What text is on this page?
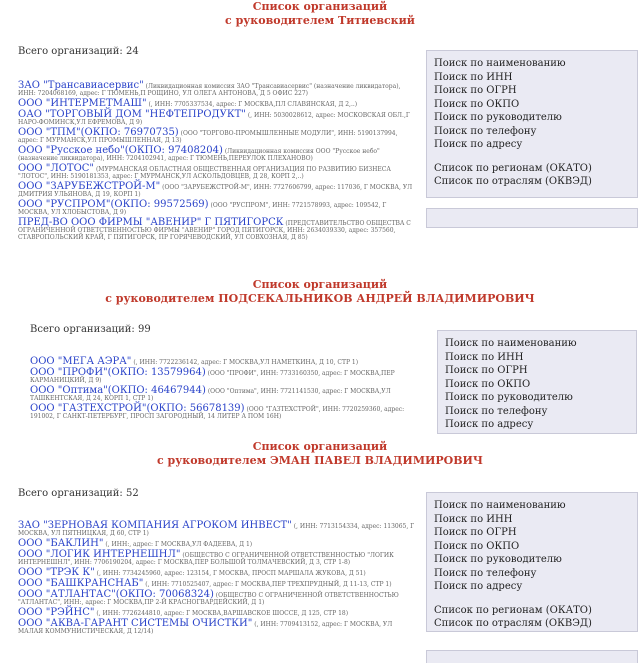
Список организаций
с руководителем Титиевский
Всего организаций: 24
ЗАО "Трансавиасервис" (Ликвидационная комиссия ЗАО "Трансавиасервис" (назначение ликвидатора), ИНН: 7204068169, адрес: Г ТЮМЕНЬ,П РОЩИНО, УЛ ОЛЕГА АНТОНОВА, Д 5 ОФИС 227)
ООО "ИНТЕРМЕТМАШ" (, ИНН: 7705337534, адрес: Г МОСКВА,ПЛ СЛАВЯНСКАЯ, Д 2,..)
ОАО "ТОРГОВЫЙ ДОМ "НЕФТЕПРОДУКТ" (, ИНН: 5030028612, адрес: МОСКОВСКАЯ ОБЛ.,Г НАРО-ФОМИНСК,УЛ ЕФРЕМОВА, Д 9)
ООО "ТПМ"(ОКПО: 76970735) (ООО "ТОРГОВО-ПРОМЫШЛЕННЫЕ МОДУЛИ", ИНН: 5190137994, адрес: Г МУРМАНСК,УЛ ПРОМЫШЛЕННАЯ, Д 13)
ООО "Русское небо"(ОКПО: 97408204) (Ликвидационная комиссия ООО "Русское небо" (назначение ликвидатора), ИНН: 7204102941, адрес: Г ТЮМЕНЬ,ПЕРЕУЛОК ПЛЕХАНОВО)
ООО "ЛОТОС" (МУРМАНСКАЯ ОБЛАСТНАЯ ОБЩЕСТВЕННАЯ ОРГАНИЗАЦИЯ ПО РАЗВИТИЮ БИЗНЕСА "ЛОТОС", ИНН: 5190181353, адрес: Г МУРМАНСК,УЛ АСКОЛЬДОВЦЕВ, Д 28, КОРП 2,..)
ООО "ЗАРУБЕЖСТРОЙ-М" (ООО "ЗАРУБЕЖСТРОЙ-М", ИНН: 7727606799, адрес: 117036, Г МОСКВА, УЛ ДМИТРИЯ УЛЬЯНОВА, Д 19, КОРП 1)
ООО "РУСПРОМ"(ОКПО: 99572569) (ООО "РУСПРОМ", ИНН: 7721578993, адрес: 109542, Г МОСКВА, УЛ ХЛОБЫСТОВА, Д 9)
ПРЕД-ВО ООО ФИРМЫ "АВЕНИР" Г ПЯТИГОРСК (ПРЕДСТАВИТЕЛЬСТВО ОБЩЕСТВА С ОГРАНИЧЕННОЙ ОТВЕТСТВЕННОСТЬЮ ФИРМЫ "АВЕНИР" ГОРОД ПЯТИГОРСК, ИНН: 2634039330, адрес: 357560, СТАВРОПОЛЬСКИЙ КРАЙ, Г ПЯТИГОРСК, ПР ГОРЯЧЕВОДСКИЙ, УЛ СОВХОЗНАЯ, Д 85)
Поиск по наименованию
Поиск по ИНН
Поиск по ОГРН
Поиск по ОКПО
Поиск по руководителю
Поиск по телефону
Поиск по адресу
Список по регионам (ОКАТО)
Список по отраслям (ОКВЭД)
Список организаций
с руководителем ПОДСЕКАЛЬНИКОВ АНДРЕЙ ВЛАДИМИРОВИЧ
Всего организаций: 99
ООО "МЕГА АЭРА" (, ИНН: 7722236142, адрес: Г МОСКВА,УЛ НАМЕТКИНА, Д 10, СТР 1)
ООО "ПРОФИ"(ОКПО: 13579964) (ООО "ПРОФИ", ИНН: 7733160350, адрес: Г МОСКВА,ПЕР КАРМАНИЦКИЙ, Д 9)
ООО "Оптима"(ОКПО: 46467944) (ООО "Оптима", ИНН: 7721141530, адрес: Г МОСКВА,УЛ ТАШКЕНТСКАЯ, Д 24, КОРП 1, СТР 1)
ООО "ГАЗТЕХСТРОЙ"(ОКПО: 56678139) (ООО "ГАЗТЕХСТРОЙ", ИНН: 7720259360, адрес: 191002, Г САНКТ-ПЕТЕРБУРГ, ПРОСП ЗАГОРОДНЫЙ, 14 ЛИТЕР А ПОМ 16Н)
Поиск по наименованию
Поиск по ИНН
Поиск по ОГРН
Поиск по ОКПО
Поиск по руководителю
Поиск по телефону
Поиск по адресу
Список организаций
с руководителем ЭМАН ПАВЕЛ ВЛАДИМИРОВИЧ
Всего организаций: 52
ЗАО "ЗЕРНОВАЯ КОМПАНИЯ АГРОКОМ ИНВЕСТ" (, ИНН: 7713154334, адрес: 113065, Г МОСКВА, УЛ ПЯТНИЦКАЯ, Д 60, СТР 1)
ООО "БАКЛИН" (, ИНН:, адрес: Г МОСКВА,УЛ ФАДЕЕВА, Д 1)
ООО "ЛОГИК ИНТЕРНЕШНЛ" (ОБЩЕСТВО С ОГРАНИЧЕННОЙ ОТВЕТСТВЕННОСТЬЮ "ЛОГИК ИНТЕРНЕШНЛ", ИНН: 7706190204, адрес: Г МОСКВА,ПЕР БОЛЬШОЙ ТОЛМАЧЕВСКИЙ, Д 3, СТР 1-8)
ООО "ТРЭК К" (, ИНН: 7734245960, адрес: 123154, Г МОСКВА, ПРОСП МАРШАЛА ЖУКОВА, Д 51)
ООО "БАШКРАНСНАБ" (, ИНН: 7710525407, адрес: Г МОСКВА,ПЕР ТРЕХПРУДНЫЙ, Д 11-13, СТР 1)
ООО "АТЛАНТАС"(ОКПО: 70068324) (ОБЩЕСТВО С ОГРАНИЧЕННОЙ ОТВЕТСТВЕННОСТЬЮ "АТЛАНТАС", ИНН:, адрес: Г МОСКВА,ПР 2-Й КРАСНОГВАРДЕЙСКИЙ, Д 1)
ООО "РЭЙНС" (, ИНН: 7726244810, адрес: Г МОСКВА,ВАРШАВСКОЕ ШОССЕ, Д 125, СТР 18)
ООО "АКВА-ГАРАНТ СИСТЕМЫ ОЧИСТКИ" (, ИНН: 7709413152, адрес: Г МОСКВА, УЛ МАЛАЯ КОММУНИСТИЧЕСКАЯ, Д 12/14)
Поиск по наименованию
Поиск по ИНН
Поиск по ОГРН
Поиск по ОКПО
Поиск по руководителю
Поиск по телефону
Поиск по адресу
Список по регионам (ОКАТО)
Список по отраслям (ОКВЭД)
